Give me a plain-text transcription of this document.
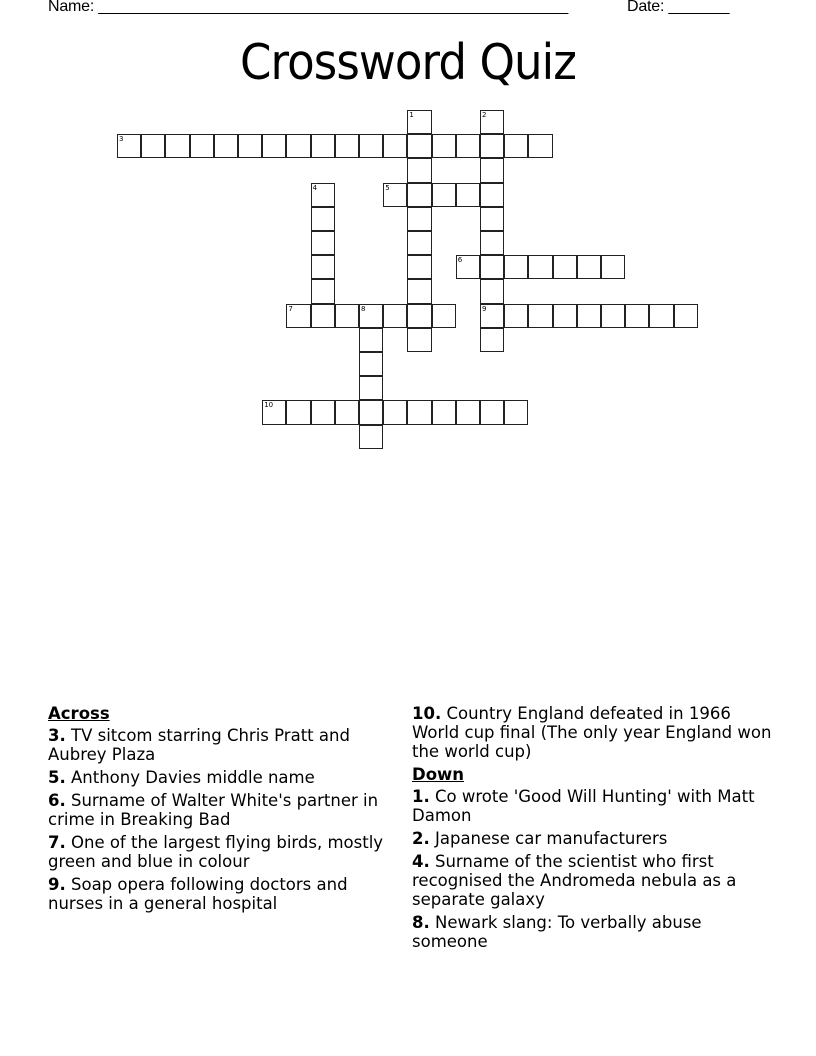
Name: ______________________________________________________	Date: _______
Crossword Quiz
3
5
6
7	8	9
10
1	2
4
Across
3. TV sitcom starring Chris Pratt and Aubrey Plaza
5. Anthony Davies middle name
6. Surname of Walter White's partner in crime in Breaking Bad
7. One of the largest flying birds, mostly green and blue in colour
9. Soap opera following doctors and nurses in a general hospital
10. Country England defeated in 1966 World cup final (The only year England won the world cup)
Down
1. Co wrote 'Good Will Hunting' with Matt Damon
2. Japanese car manufacturers
4. Surname of the scientist who first recognised the Andromeda nebula as a separate galaxy
8. Newark slang: To verbally abuse someone
